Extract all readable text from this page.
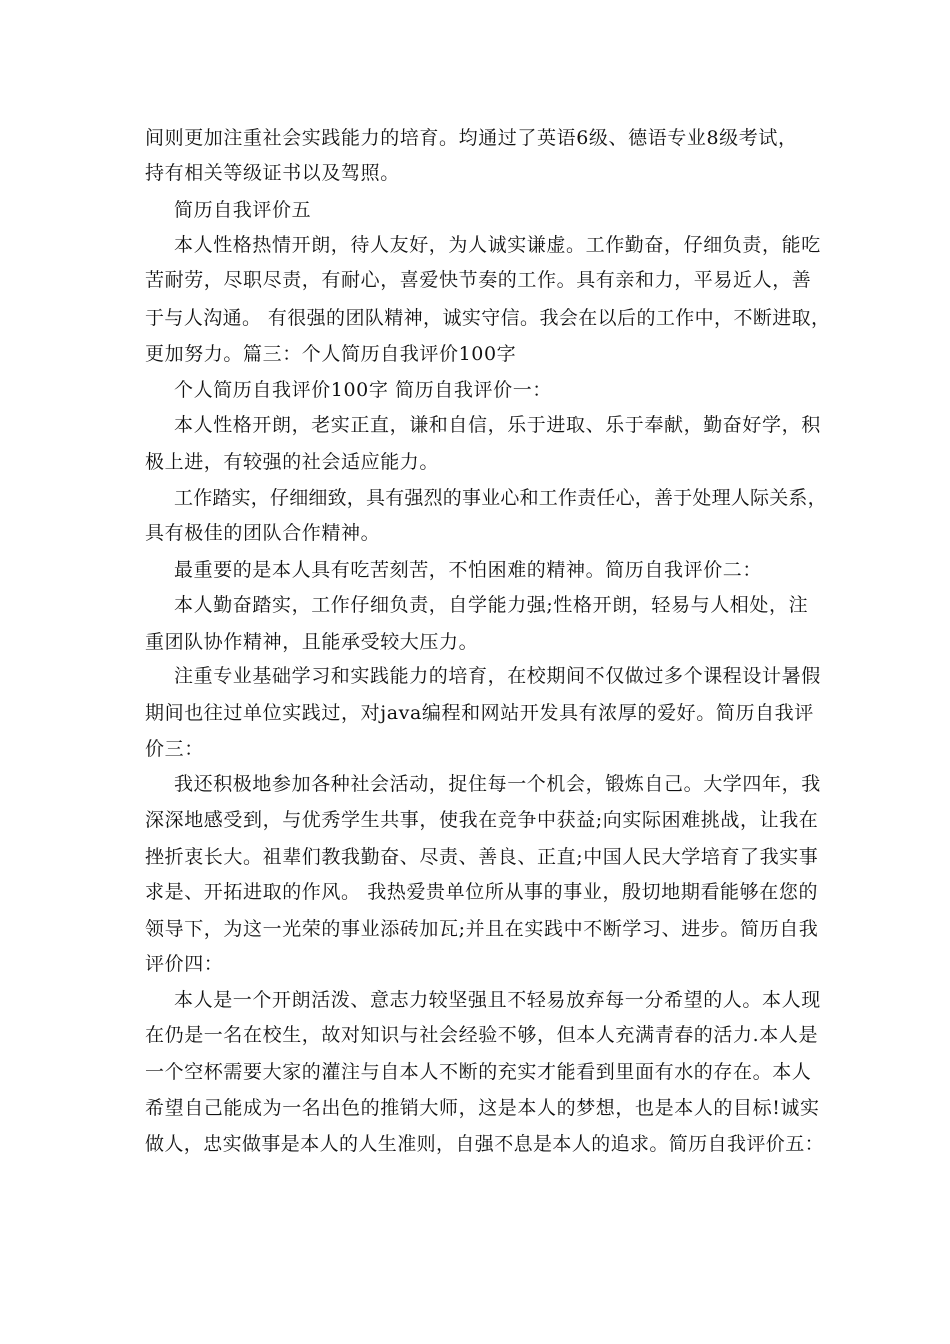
间则更加注重社会实践能力的培育。均通过了英语6级、德语专业8级考试，
持有相关等级证书以及驾照。
简历自我评价五
本人性格热情开朗，待人友好，为人诚实谦虚。工作勤奋，仔细负责，能吃
苦耐劳，尽职尽责，有耐心，喜爱快节奏的工作。具有亲和力，平易近人，善
于与人沟通。 有很强的团队精神，诚实守信。我会在以后的工作中，不断进取，
更加努力。篇三：个人简历自我评价100字
个人简历自我评价100字 简历自我评价一：
本人性格开朗，老实正直，谦和自信，乐于进取、乐于奉献，勤奋好学，积
极上进，有较强的社会适应能力。
工作踏实，仔细细致，具有强烈的事业心和工作责任心，善于处理人际关系，
具有极佳的团队合作精神。
最重要的是本人具有吃苦刻苦，不怕困难的精神。简历自我评价二：
本人勤奋踏实，工作仔细负责，自学能力强;性格开朗，轻易与人相处，注
重团队协作精神，且能承受较大压力。
注重专业基础学习和实践能力的培育，在校期间不仅做过多个课程设计暑假
期间也往过单位实践过，对java编程和网站开发具有浓厚的爱好。简历自我评
价三：
我还积极地参加各种社会活动，捉住每一个机会，锻炼自己。大学四年，我
深深地感受到，与优秀学生共事，使我在竞争中获益;向实际困难挑战，让我在
挫折衷长大。祖辈们教我勤奋、尽责、善良、正直;中国人民大学培育了我实事
求是、开拓进取的作风。 我热爱贵单位所从事的事业，殷切地期看能够在您的
领导下，为这一光荣的事业添砖加瓦;并且在实践中不断学习、进步。简历自我
评价四：
本人是一个开朗活泼、意志力较坚强且不轻易放弃每一分希望的人。本人现
在仍是一名在校生，故对知识与社会经验不够，但本人充满青春的活力.本人是
一个空杯需要大家的灌注与自本人不断的充实才能看到里面有水的存在。本人
希望自己能成为一名出色的推销大师，这是本人的梦想，也是本人的目标!诚实
做人，忠实做事是本人的人生准则，自强不息是本人的追求。简历自我评价五：
